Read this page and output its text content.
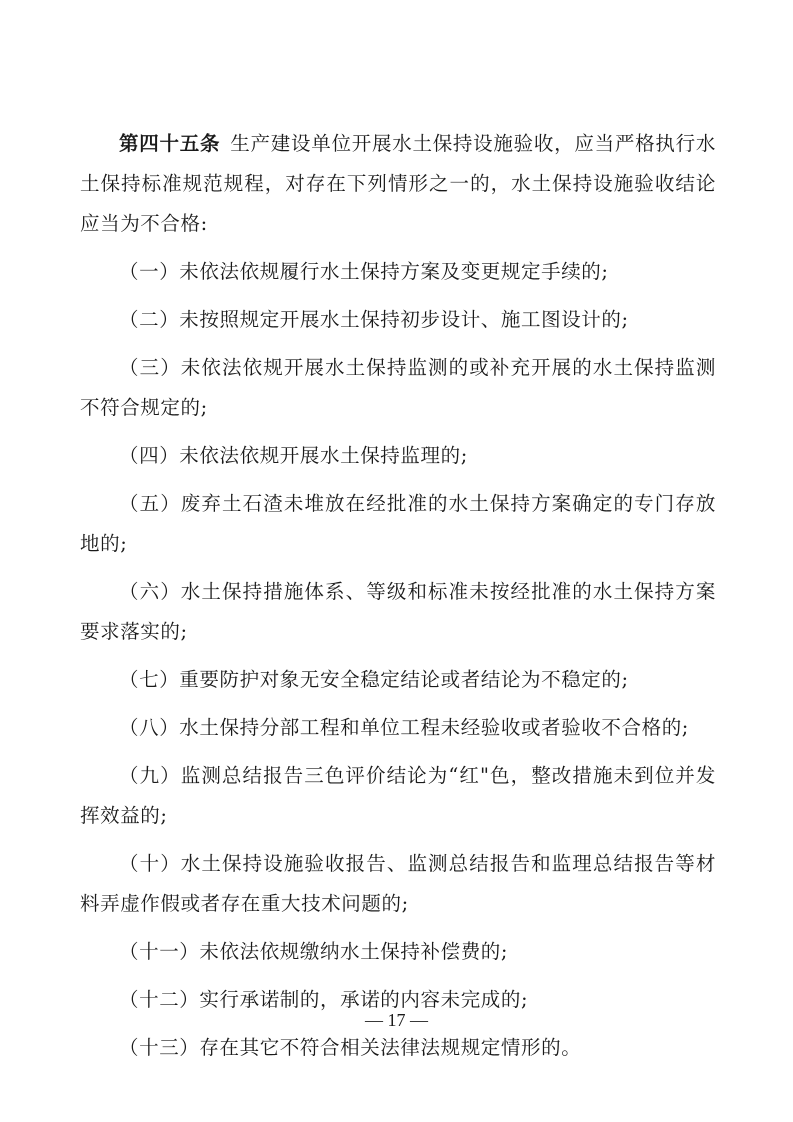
第四十五条 生产建设单位开展水土保持设施验收，应当严格执行水土保持标准规范规程，对存在下列情形之一的，水土保持设施验收结论应当为不合格:

（一）未依法依规履行水土保持方案及变更规定手续的;

（二）未按照规定开展水土保持初步设计、施工图设计的;

（三）未依法依规开展水土保持监测的或补充开展的水土保持监测不符合规定的;

（四）未依法依规开展水土保持监理的;

（五）废弃土石渣未堆放在经批准的水土保持方案确定的专门存放地的;

（六）水土保持措施体系、等级和标准未按经批准的水土保持方案要求落实的;

（七）重要防护对象无安全稳定结论或者结论为不稳定的;

（八）水土保持分部工程和单位工程未经验收或者验收不合格的;

（九）监测总结报告三色评价结论为“红"色，整改措施未到位并发挥效益的;

（十）水土保持设施验收报告、监测总结报告和监理总结报告等材料弄虚作假或者存在重大技术问题的;

（十一）未依法依规缴纳水土保持补偿费的;

（十二）实行承诺制的，承诺的内容未完成的;

（十三）存在其它不符合相关法律法规规定情形的。

— 17 —
